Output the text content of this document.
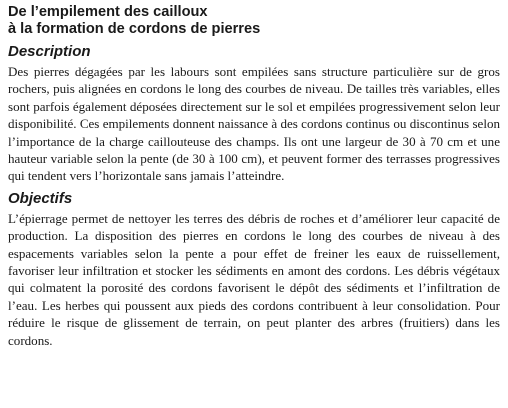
De l’empilement des cailloux
à la formation de cordons de pierres
Description

Des pierres dégagées par les labours sont empilées sans structure particulière sur de gros rochers, puis alignées en cordons le long des courbes de niveau. De tailles très variables, elles sont parfois également déposées directement sur le sol et empilées progressivement selon leur disponibilité. Ces empilements donnent naissance à des cordons continus ou discontinus selon l’importance de la charge caillouteuse des champs. Ils ont une largeur de 30 à 70 cm et une hauteur variable selon la pente (de 30 à 100 cm), et peuvent former des terrasses progressives qui tendent vers l’horizontale sans jamais l’atteindre.

Objectifs

L’épierrage permet de nettoyer les terres des débris de roches et d’améliorer leur capacité de production. La disposition des pierres en cordons le long des courbes de niveau à des espacements variables selon la pente a pour effet de freiner les eaux de ruissellement, favoriser leur infiltration et stocker les sédiments en amont des cordons. Les débris végétaux qui colmatent la porosité des cordons favorisent le dépôt des sédiments et l’infiltration de l’eau. Les herbes qui poussent aux pieds des cordons contribuent à leur consolidation. Pour réduire le risque de glissement de terrain, on peut planter des arbres (fruitiers) dans les cordons.
